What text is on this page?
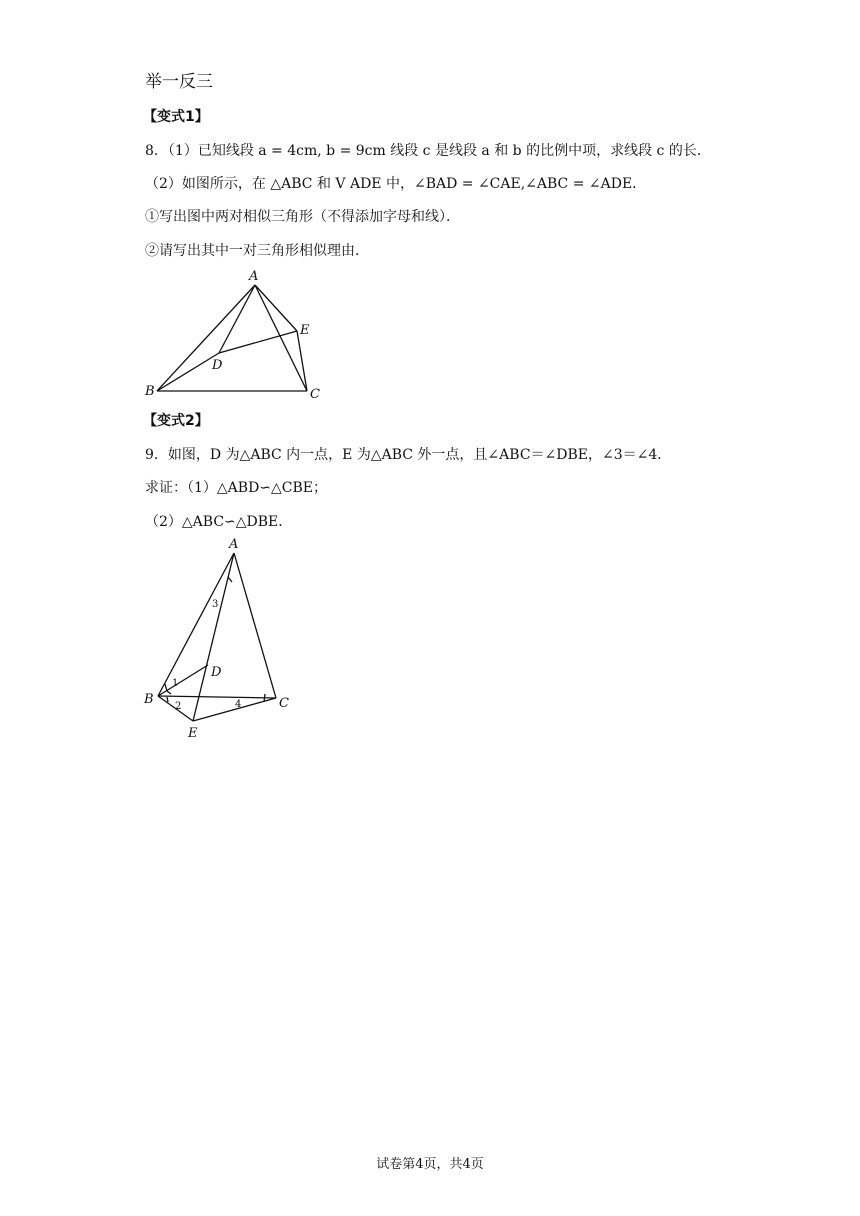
举一反三
【变式1】
8．（1）已知线段 a = 4cm, b = 9cm 线段 c 是线段 a 和 b 的比例中项，求线段 c 的长．
（2）如图所示，在 △ABC 和 V ADE 中，∠BAD = ∠CAE,∠ABC = ∠ADE．
①写出图中两对相似三角形（不得添加字母和线）．
②请写出其中一对三角形相似理由．
A
B	C
D
E
【变式2】
9．如图，D 为△ABC 内一点，E 为△ABC 外一点，且∠ABC＝∠DBE，∠3＝∠4．
求证：（1）△ABD∽△CBE；
（2）△ABC∽△DBE．
A
B	C
D
E
1
2
3
4
试卷第4页，共4页
